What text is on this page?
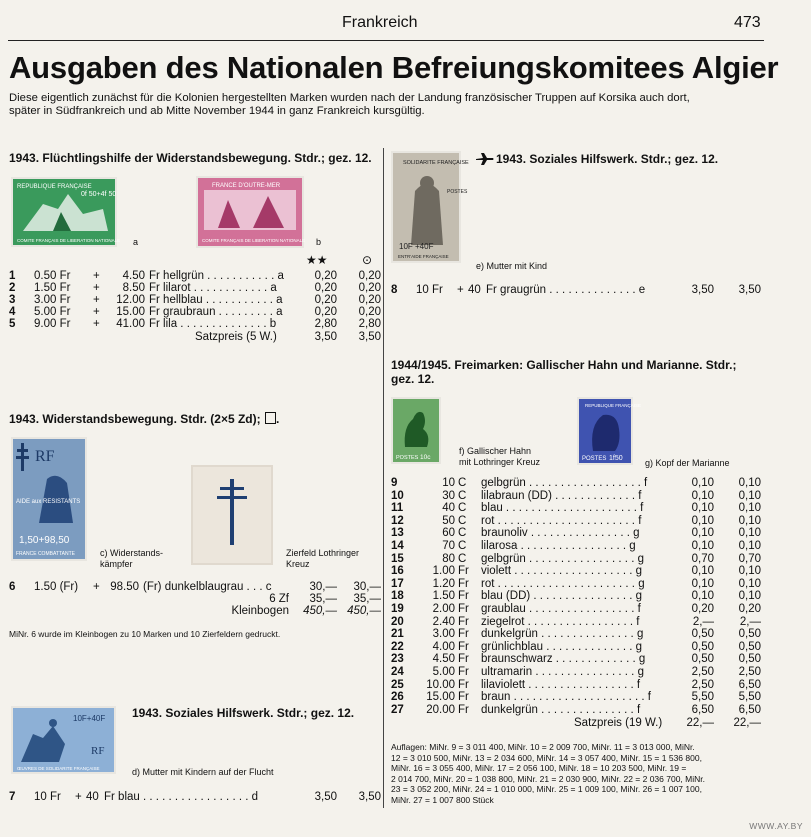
Frankreich	473
Ausgaben des Nationalen Befreiungskomitees Algier
Diese eigentlich zunächst für die Kolonien hergestellten Marken wurden nach der Landung französischer Truppen auf Korsika auch dort,
später in Südfrankreich und ab Mitte November 1944 in ganz Frankreich kursgültig.
1943. Flüchtlingshilfe der Widerstandsbewegung. Stdr.; gez. 12.
REPUBLIQUE FRANÇAISE
0f 50+4f 50
COMITE FRANÇAIS DE LIBERATION NATIONALE a
FRANCE D'OUTRE-MER
COMITE FRANÇAIS DE LIBERATION NATIONALE b
★★	⊙
1 0.50 Fr +	4.50 Fr hellgrün . . . . . . . . . . . a	0,20	0,20
2 1.50 Fr +	8.50 Fr lilarot . . . . . . . . . . . . a	0,20	0,20
3 3.00 Fr +	12.00 Fr hellblau . . . . . . . . . . . a	0,20	0,20
4 5.00 Fr +	15.00 Fr graubraun . . . . . . . . . a	0,20	0,20
5 9.00 Fr +	41.00 Fr lila . . . . . . . . . . . . . . b	2,80	2,80
Satzpreis (5 W.)	3,50	3,50
1943. Widerstandsbewegung. Stdr. (2×5 Zd); .
RF
AIDE aux RESISTANTS
1,50+98,50
FRANCE COMBATTANTE	c) Widerstands-
kämpfer
Zierfeld Lothringer
Kreuz
6 1.50 (Fr) + 98.50 (Fr) dunkelblaugrau . . . c	30,—	30,—
6 Zf	35,—	35,—
Kleinbogen	450,— 450,—
MiNr. 6 wurde im Kleinbogen zu 10 Marken und 10 Zierfeldern gedruckt.
10F+40F
RF
ŒUVRES DE SOLIDARITE FRANÇAISE
1943. Soziales Hilfswerk. Stdr.; gez. 12.
d) Mutter mit Kindern auf der Flucht
7 10 Fr + 40 Fr blau . . . . . . . . . . . . . . . . . d	3,50	3,50
SOLIDARITE FRANÇAISE
POSTES
10F +40F
ENTR'AIDE FRANÇAISE
1943. Soziales Hilfswerk. Stdr.; gez. 12.
e) Mutter mit Kind
8 10 Fr + 40 Fr graugrün . . . . . . . . . . . . . . e	3,50	3,50
1944/1945. Freimarken: Gallischer Hahn und Marianne. Stdr.;
gez. 12.
POSTES 10c
f) Gallischer Hahn
mit Lothringer Kreuz
REPUBLIQUE FRANÇAISE
POSTES 1f50 g) Kopf der Marianne
9	10 C gelbgrün . . . . . . . . . . . . . . . . . . f	0,10	0,10
10	30 C lilabraun (DD) . . . . . . . . . . . . . f	0,10	0,10
11	40 C blau . . . . . . . . . . . . . . . . . . . . . f	0,10	0,10
12	50 C rot . . . . . . . . . . . . . . . . . . . . . . f	0,10	0,10
13	60 C braunoliv . . . . . . . . . . . . . . . . g	0,10	0,10
14	70 C lilarosa . . . . . . . . . . . . . . . . . g	0,10	0,10
15	80 C gelbgrün . . . . . . . . . . . . . . . . . g	0,70	0,70
16	1.00 Fr violett . . . . . . . . . . . . . . . . . . . g	0,10	0,10
17	1.20 Fr rot . . . . . . . . . . . . . . . . . . . . . . g	0,10	0,10
18	1.50 Fr blau (DD) . . . . . . . . . . . . . . . . g	0,10	0,10
19	2.00 Fr graublau . . . . . . . . . . . . . . . . . f	0,20	0,20
20	2.40 Fr ziegelrot . . . . . . . . . . . . . . . . . f	2,—	2,—
21	3.00 Fr dunkelgrün . . . . . . . . . . . . . . . g	0,50	0,50
22	4.00 Fr grünlichblau . . . . . . . . . . . . . . g	0,50	0,50
23	4.50 Fr braunschwarz . . . . . . . . . . . . . g	0,50	0,50
24	5.00 Fr ultramarin . . . . . . . . . . . . . . . . g	2,50	2,50
25	10.00 Fr lilaviolett . . . . . . . . . . . . . . . . . f	2,50	6,50
26	15.00 Fr braun . . . . . . . . . . . . . . . . . . . . . f	5,50	5,50
27	20.00 Fr dunkelgrün . . . . . . . . . . . . . . . f	6,50	6,50
Satzpreis (19 W.)	22,—	22,—
Auflagen: MiNr. 9 = 3 011 400, MiNr. 10 = 2 009 700, MiNr. 11 = 3 013 000, MiNr.
12 = 3 010 500, MiNr. 13 = 2 034 600, MiNr. 14 = 3 057 400, MiNr. 15 = 1 536 800,
MiNr. 16 = 3 055 400, MiNr. 17 = 2 056 100, MiNr. 18 = 10 203 500, MiNr. 19 =
2 014 700, MiNr. 20 = 1 038 800, MiNr. 21 = 2 030 900, MiNr. 22 = 2 036 700, MiNr.
23 = 3 052 200, MiNr. 24 = 1 010 000, MiNr. 25 = 1 009 100, MiNr. 26 = 1 007 100,
MiNr. 27 = 1 007 800 Stück
WWW.AY.BY
